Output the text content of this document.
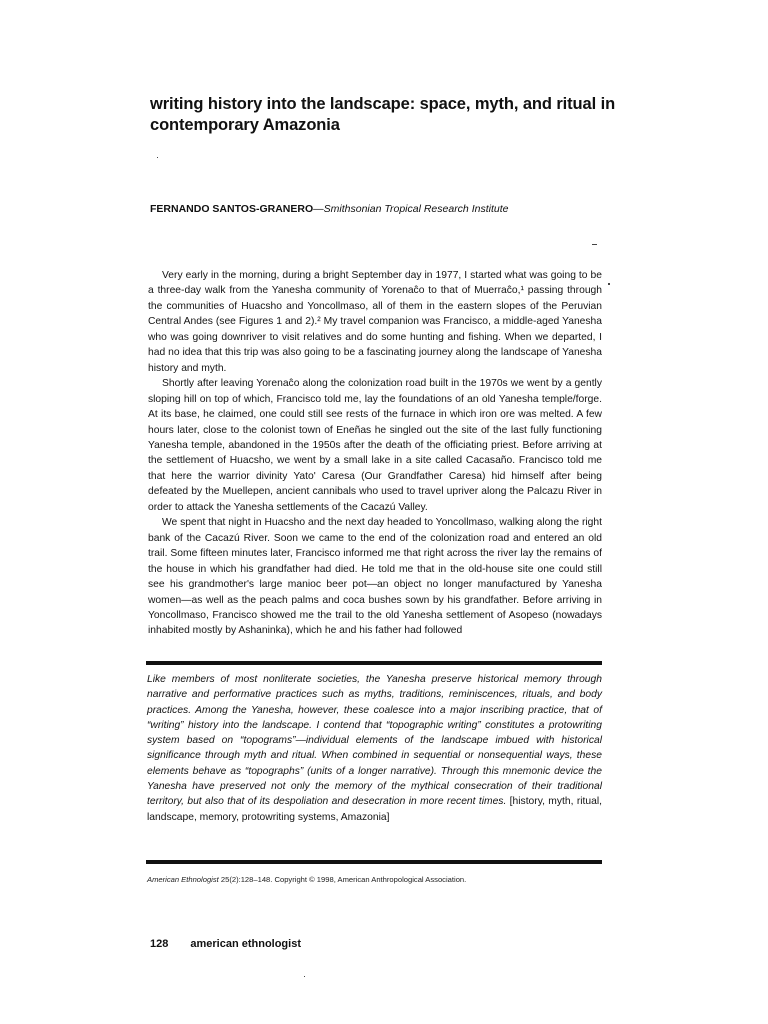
writing history into the landscape: space, myth, and ritual in contemporary Amazonia
FERNANDO SANTOS-GRANERO—Smithsonian Tropical Research Institute

Very early in the morning, during a bright September day in 1977, I started what was going to be a three-day walk from the Yanesha community of Yorenaĉo to that of Muerraĉo,¹ passing through the communities of Huacsho and Yoncollmaso, all of them in the eastern slopes of the Peruvian Central Andes (see Figures 1 and 2).² My travel companion was Francisco, a middle-aged Yanesha who was going downriver to visit relatives and do some hunting and fishing. When we departed, I had no idea that this trip was also going to be a fascinating journey along the landscape of Yanesha history and myth.

Shortly after leaving Yorenaĉo along the colonization road built in the 1970s we went by a gently sloping hill on top of which, Francisco told me, lay the foundations of an old Yanesha temple/forge. At its base, he claimed, one could still see rests of the furnace in which iron ore was melted. A few hours later, close to the colonist town of Eneñas he singled out the site of the last fully functioning Yanesha temple, abandoned in the 1950s after the death of the officiating priest. Before arriving at the settlement of Huacsho, we went by a small lake in a site called Cacasaño. Francisco told me that here the warrior divinity Yato' Caresa (Our Grandfather Caresa) hid himself after being defeated by the Muellepen, ancient cannibals who used to travel upriver along the Palcazu River in order to attack the Yanesha settlements of the Cacazú Valley.

We spent that night in Huacsho and the next day headed to Yoncollmaso, walking along the right bank of the Cacazú River. Soon we came to the end of the colonization road and entered an old trail. Some fifteen minutes later, Francisco informed me that right across the river lay the remains of the house in which his grandfather had died. He told me that in the old-house site one could still see his grandmother's large manioc beer pot—an object no longer manufactured by Yanesha women—as well as the peach palms and coca bushes sown by his grandfather. Before arriving in Yoncollmaso, Francisco showed me the trail to the old Yanesha settlement of Asopeso (nowadays inhabited mostly by Ashaninka), which he and his father had followed

Like members of most nonliterate societies, the Yanesha preserve historical memory through narrative and performative practices such as myths, traditions, reminiscences, rituals, and body practices. Among the Yanesha, however, these coalesce into a major inscribing practice, that of “writing” history into the landscape. I contend that “topographic writing” constitutes a protowriting system based on “topograms”—individual elements of the landscape imbued with historical significance through myth and ritual. When combined in sequential or nonsequential ways, these elements behave as “topographs” (units of a longer narrative). Through this mnemonic device the Yanesha have preserved not only the memory of the mythical consecration of their traditional territory, but also that of its despoliation and desecration in more recent times. [history, myth, ritual, landscape, memory, protowriting systems, Amazonia]
American Ethnologist 25(2):128–148. Copyright © 1998, American Anthropological Association.
128 american ethnologist
